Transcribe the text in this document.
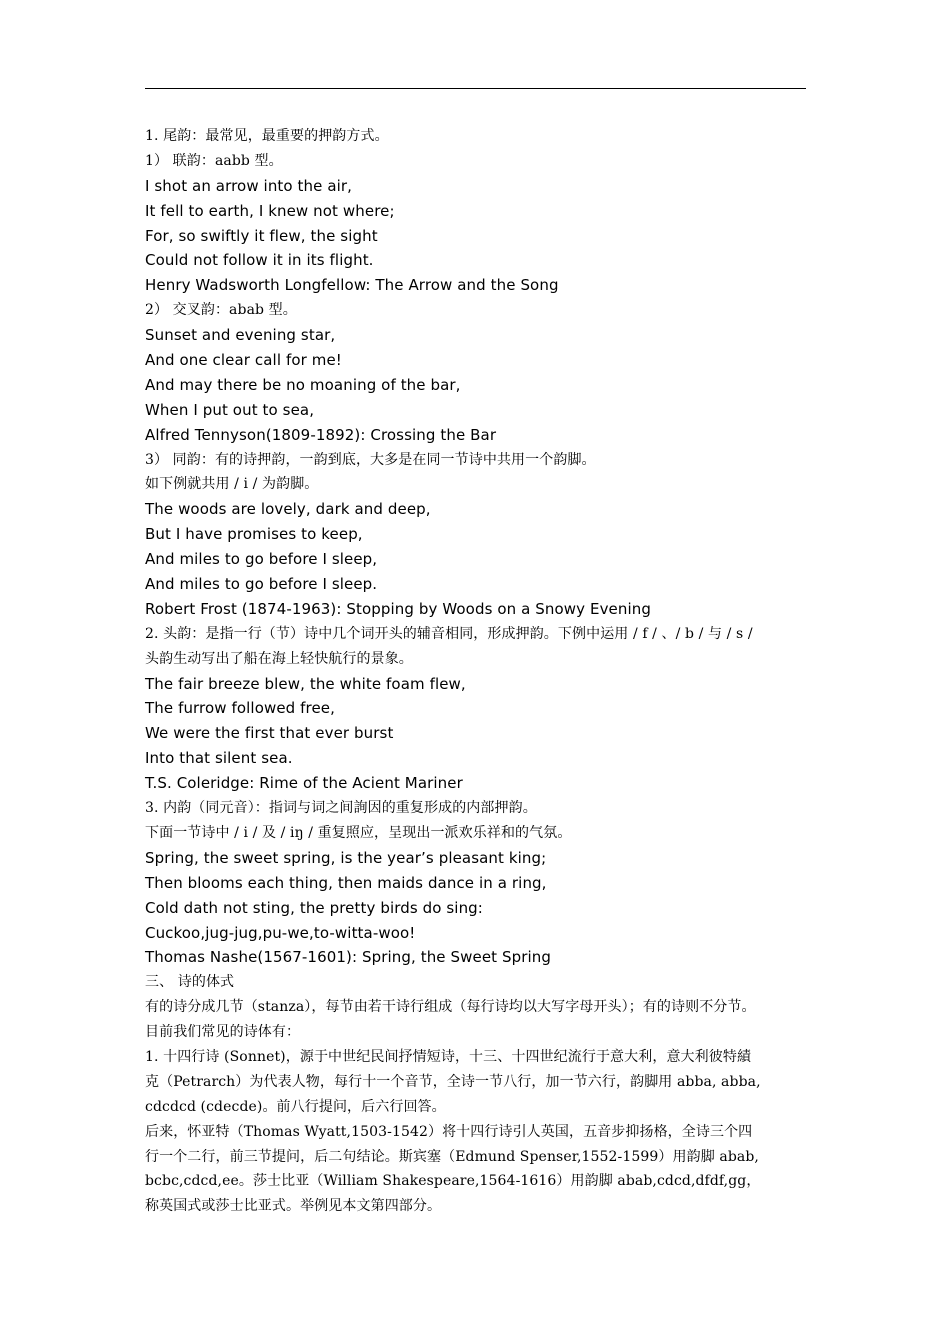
1. 尾韵：最常见，最重要的押韵方式。
1） 联韵：aabb 型。
I shot an arrow into the air,
It fell to earth, I knew not where;
For, so swiftly it flew, the sight
Could not follow it in its flight.
Henry Wadsworth Longfellow: The Arrow and the Song
2） 交叉韵：abab 型。
Sunset and evening star,
And one clear call for me!
And may there be no moaning of the bar,
When I put out to sea,
Alfred Tennyson(1809-1892): Crossing the Bar
3） 同韵：有的诗押韵，一韵到底，大多是在同一节诗中共用一个韵脚。
如下例就共用 / i / 为韵脚。
The woods are lovely, dark and deep,
But I have promises to keep,
And miles to go before I sleep,
And miles to go before I sleep.
Robert Frost (1874-1963): Stopping by Woods on a Snowy Evening
2. 头韵：是指一行（节）诗中几个词开头的辅音相同，形成押韵。下例中运用 / f / 、/ b / 与 / s /
头韵生动写出了船在海上轻快航行的景象。
The fair breeze blew, the white foam flew,
The furrow followed free,
We were the first that ever burst
Into that silent sea.
T.S. Coleridge: Rime of the Acient Mariner
3. 内韵（同元音）：指词与词之间詢因的重复形成的内部押韵。
下面一节诗中 / i / 及 / iŋ / 重复照应，呈现出一派欢乐祥和的气氛。
Spring, the sweet spring, is the year’s pleasant king;
Then blooms each thing, then maids dance in a ring,
Cold dath not sting, the pretty birds do sing:
Cuckoo,jug-jug,pu-we,to-witta-woo!
Thomas Nashe(1567-1601): Spring, the Sweet Spring
三、 诗的体式
有的诗分成几节（stanza），每节由若干诗行组成（每行诗均以大写字母开头）；有的诗则不分节。
目前我们常见的诗体有：
1. 十四行诗 (Sonnet)，源于中世纪民间抒情短诗，十三、十四世纪流行于意大利，意大利彼特績
克（Petrarch）为代表人物，每行十一个音节，全诗一节八行，加一节六行，韵脚用 abba, abba,
cdcdcd (cdecde)。前八行提问，后六行回答。
后来，怀亚特（Thomas Wyatt,1503-1542）将十四行诗引人英国，五音步抑扬格，全诗三个四
行一个二行，前三节提问，后二句结论。斯宾塞（Edmund Spenser,1552-1599）用韵脚 abab,
bcbc,cdcd,ee。莎士比亚（William Shakespeare,1564-1616）用韵脚 abab,cdcd,dfdf,gg，
称英国式或莎士比亚式。举例见本文第四部分。
